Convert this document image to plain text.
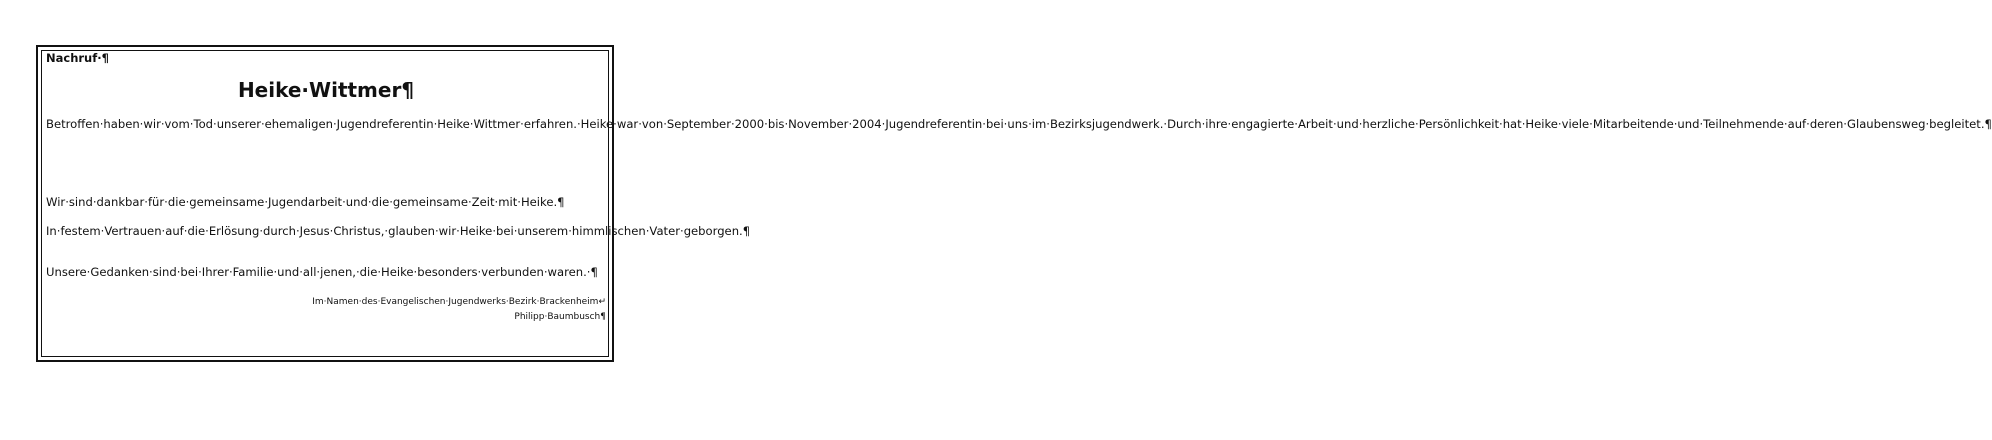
Nachruf·¶
Heike·Wittmer¶
Betroffen·haben·wir·vom·Tod·unserer·ehemaligen·Jugendreferentin·Heike·Wittmer·erfahren.·Heike·war·von·September·2000·bis·November·2004·Jugendreferentin·bei·uns·im·Bezirksjugendwerk.·Durch·ihre·engagierte·Arbeit·und·herzliche·Persönlichkeit·hat·Heike·viele·Mitarbeitende·und·Teilnehmende·auf·deren·Glaubensweg·begleitet.¶
Wir·sind·dankbar·für·die·gemeinsame·Jugendarbeit·und·die·gemeinsame·Zeit·mit·Heike.¶
In·festem·Vertrauen·auf·die·Erlösung·durch·Jesus·Christus,·glauben·wir·Heike·bei·unserem·himmlischen·Vater·geborgen.¶
Unsere·Gedanken·sind·bei·Ihrer·Familie·und·all·jenen,·die·Heike·besonders·verbunden·waren.·¶
Im·Namen·des·Evangelischen·Jugendwerks·Bezirk·Brackenheim↵
Philipp·Baumbusch¶
